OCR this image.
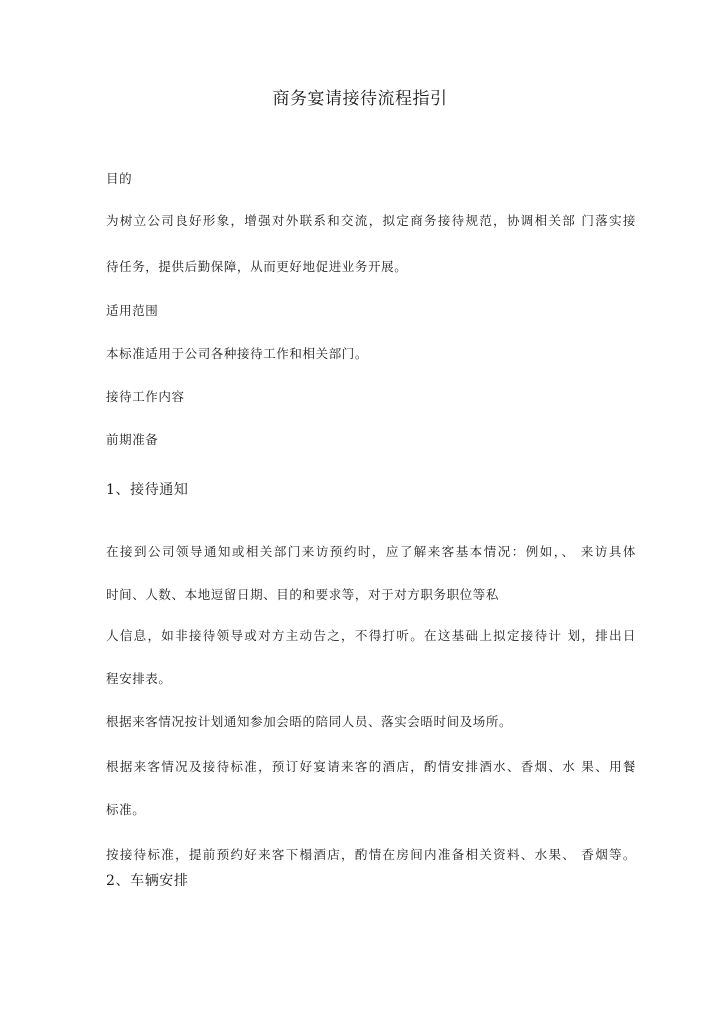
商务宴请接待流程指引
目的
为树立公司良好形象，增强对外联系和交流，拟定商务接待规范，协调相关部 门落实接
待任务，提供后勤保障，从而更好地促进业务开展。
适用范围
本标准适用于公司各种接待工作和相关部门。
接待工作内容
前期准备
1、接待通知
在接到公司领导通知或相关部门来访预约时，应了解来客基本情况：例如，、 来访具体
时间、人数、本地逗留日期、目的和要求等，对于对方职务职位等私
人信息，如非接待领导或对方主动告之，不得打听。在这基础上拟定接待计 划，排出日
程安排表。
根据来客情况按计划通知参加会晤的陪同人员、落实会晤时间及场所。
根据来客情况及接待标准，预订好宴请来客的酒店，酌情安排酒水、香烟、水 果、用餐
标准。
按接待标准，提前预约好来客下榻酒店，酌情在房间内准备相关资料、水果、 香烟等。
2、车辆安排
